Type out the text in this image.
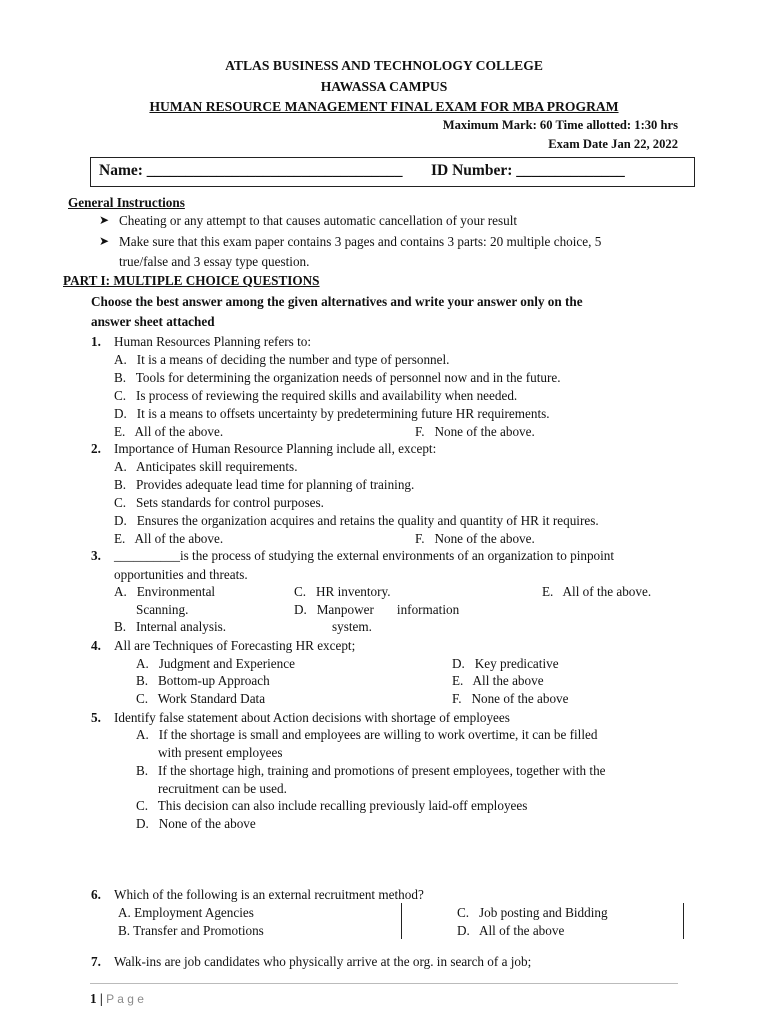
ATLAS BUSINESS AND TECHNOLOGY COLLEGE
HAWASSA CAMPUS
HUMAN RESOURCE MANAGEMENT FINAL EXAM FOR MBA PROGRAM
Maximum Mark: 60 Time allotted: 1:30 hrs
Exam Date Jan 22, 2022
Name: _________________________________ ID Number: ______________
General Instructions
➤ Cheating or any attempt to that causes automatic cancellation of your result
➤ Make sure that this exam paper contains 3 pages and contains 3 parts: 20 multiple choice, 5
true/false and 3 essay type question.
PART I: MULTIPLE CHOICE QUESTIONS
Choose the best answer among the given alternatives and write your answer only on the
answer sheet attached
1. Human Resources Planning refers to:
A.   It is a means of deciding the number and type of personnel.
B.   Tools for determining the organization needs of personnel now and in the future.
C.   Is process of reviewing the required skills and availability when needed.
D.   It is a means to offsets uncertainty by predetermining future HR requirements.
E.   All of the above.	F.   None of the above.
2. Importance of Human Resource Planning include all, except:
A.   Anticipates skill requirements.
B.   Provides adequate lead time for planning of training.
C.   Sets standards for control purposes.
D.   Ensures the organization acquires and retains the quality and quantity of HR it requires.
E.   All of the above.	F.   None of the above.
3. __________is the process of studying the external environments of an organization to pinpoint
opportunities and threats.
A.   Environmental
Scanning.
B.   Internal analysis.
C.   HR inventory.
D.   Manpower       information
system.
E.   All of the above.
4. All are Techniques of Forecasting HR except;
A.   Judgment and Experience
B.   Bottom-up Approach
C.   Work Standard Data
D.   Key predicative
E.   All the above
F.   None of the above
5. Identify false statement about Action decisions with shortage of employees
A.   If the shortage is small and employees are willing to work overtime, it can be filled
with present employees
B.   If the shortage high, training and promotions of present employees, together with the
recruitment can be used.
C.   This decision can also include recalling previously laid-off employees
D.   None of the above
6. Which of the following is an external recruitment method?
A. Employment Agencies
B. Transfer and Promotions
C.   Job posting and Bidding
D.   All of the above
7. Walk-ins are job candidates who physically arrive at the org. in search of a job;
1 | P a g e
